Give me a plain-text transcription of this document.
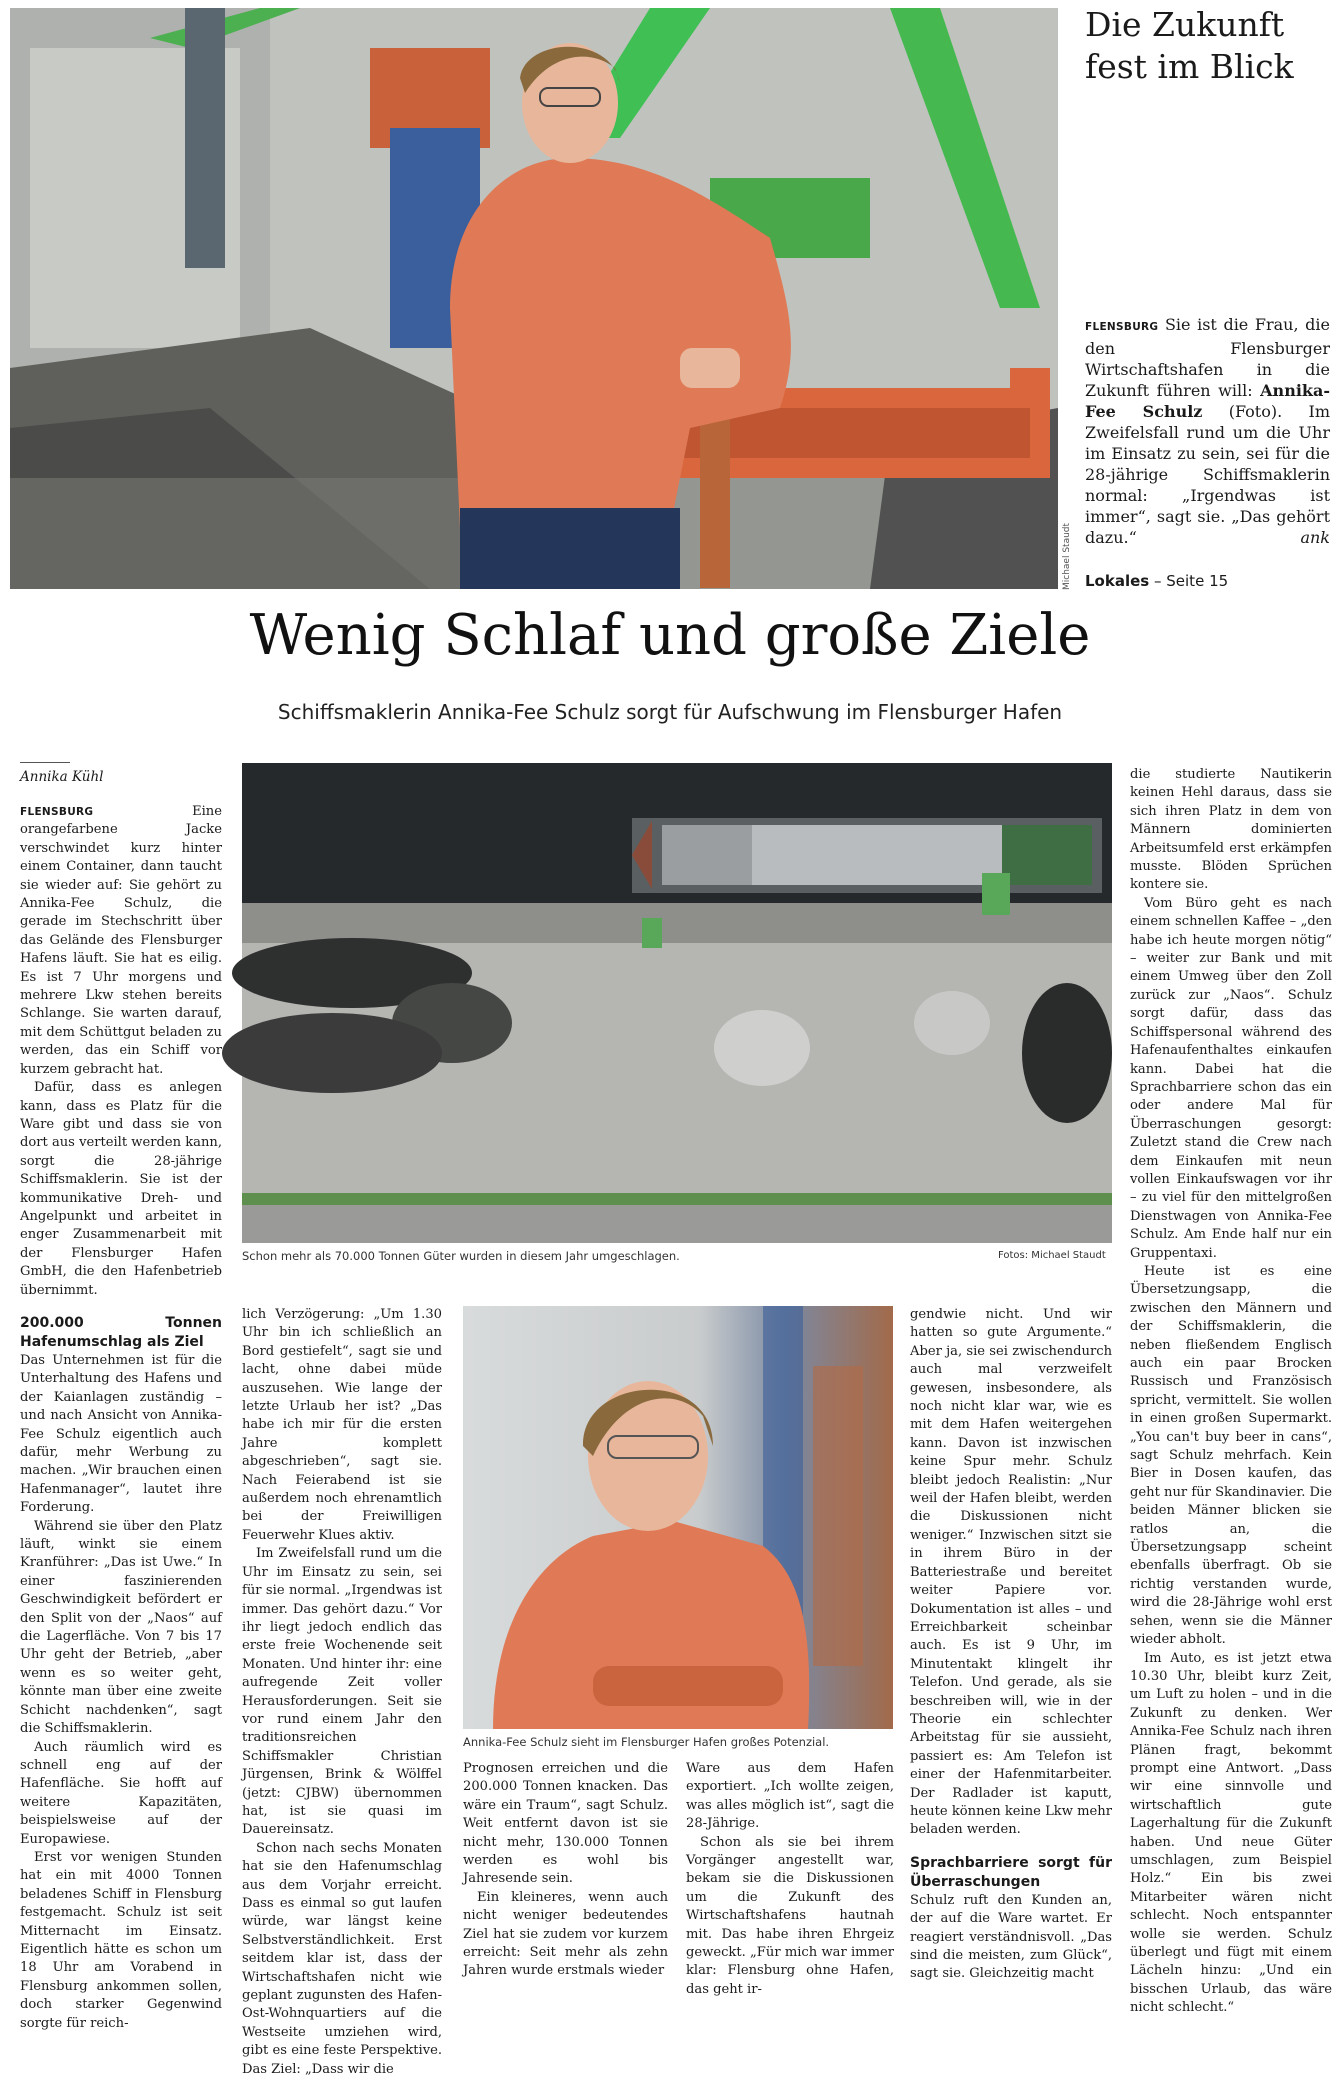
Michael Staudt
Die Zukunft
fest im Blick

FLENSBURG Sie ist die Frau, die den Flensburger Wirtschaftshafen in die Zukunft führen will: Annika-Fee Schulz (Foto). Im Zweifelsfall rund um die Uhr im Einsatz zu sein, sei für die 28-jährige Schiffsmaklerin normal: „Irgendwas ist immer“, sagt sie. „Das gehört dazu.“	ank

Lokales – Seite 15
Wenig Schlaf und große Ziele
Schiffsmaklerin Annika-Fee Schulz sorgt für Aufschwung im Flensburger Hafen
Annika Kühl
Schon mehr als 70.000 Tonnen Güter wurden in diesem Jahr umgeschlagen.	Fotos: Michael Staudt
Annika-Fee Schulz sieht im Flensburger Hafen großes Potenzial.

FLENSBURG	Eine orangefarbene Jacke verschwindet kurz hinter einem Container, dann taucht sie wieder auf: Sie gehört zu Annika-Fee Schulz, die gerade im Stechschritt über das Gelände des Flensburger Hafens läuft. Sie hat es eilig. Es ist 7 Uhr morgens und mehrere Lkw stehen bereits Schlange. Sie warten darauf, mit dem Schüttgut beladen zu werden, das ein Schiff vor kurzem gebracht hat.

Dafür, dass es anlegen kann, dass es Platz für die Ware gibt und dass sie von dort aus verteilt werden kann, sorgt die 28-jährige Schiffsmaklerin. Sie ist der kommunikative Dreh- und Angelpunkt und arbeitet in enger Zusammenarbeit mit der Flensburger Hafen GmbH, die den Hafenbetrieb übernimmt.

200.000 Tonnen Hafenumschlag als Ziel

Das Unternehmen ist für die Unterhaltung des Hafens und der Kaianlagen zuständig – und nach Ansicht von Annika-Fee Schulz eigentlich auch dafür, mehr Werbung zu machen. „Wir brauchen einen Hafenmanager“, lautet ihre Forderung.

Während sie über den Platz läuft, winkt sie einem Kranführer: „Das ist Uwe.“ In einer faszinierenden Geschwindigkeit befördert er den Split von der „Naos“ auf die Lagerfläche. Von 7 bis 17 Uhr geht der Betrieb, „aber wenn es so weiter geht, könnte man über eine zweite Schicht nachdenken“, sagt die Schiffsmaklerin.

Auch räumlich wird es schnell eng auf der Hafenfläche. Sie hofft auf weitere Kapazitäten, beispielsweise auf der Europawiese.

Erst vor wenigen Stunden hat ein mit 4000 Tonnen beladenes Schiff in Flensburg festgemacht. Schulz ist seit Mitternacht im Einsatz. Eigentlich hätte es schon um 18 Uhr am Vorabend in Flensburg ankommen sollen, doch starker Gegenwind sorgte für reich-

lich Verzögerung: „Um 1.30 Uhr bin ich schließlich an Bord gestiefelt“, sagt sie und lacht, ohne dabei müde auszusehen. Wie lange der letzte Urlaub her ist? „Das habe ich mir für die ersten Jahre komplett abgeschrieben“, sagt sie. Nach Feierabend ist sie außerdem noch ehrenamtlich bei der Freiwilligen Feuerwehr Klues aktiv.

Im Zweifelsfall rund um die Uhr im Einsatz zu sein, sei für sie normal. „Irgendwas ist immer. Das gehört dazu.“ Vor ihr liegt jedoch endlich das erste freie Wochenende seit Monaten. Und hinter ihr: eine aufregende Zeit voller Herausforderungen. Seit sie vor rund einem Jahr den traditionsreichen Schiffsmakler Christian Jürgensen, Brink & Wölffel (jetzt: CJBW) übernommen hat, ist sie quasi im Dauereinsatz.

Schon nach sechs Monaten hat sie den Hafenumschlag aus dem Vorjahr erreicht. Dass es einmal so gut laufen würde, war längst keine Selbstverständlichkeit. Erst seitdem klar ist, dass der Wirtschaftshafen nicht wie geplant zugunsten des Hafen-Ost-Wohnquartiers auf die Westseite umziehen wird, gibt es eine feste Perspektive. Das Ziel: „Dass wir die

Prognosen erreichen und die 200.000 Tonnen knacken. Das wäre ein Traum“, sagt Schulz. Weit entfernt davon ist sie nicht mehr, 130.000 Tonnen werden es wohl bis Jahresende sein.

Ein kleineres, wenn auch nicht weniger bedeutendes Ziel hat sie zudem vor kurzem erreicht: Seit mehr als zehn Jahren wurde erstmals wieder

Ware aus dem Hafen exportiert. „Ich wollte zeigen, was alles möglich ist“, sagt die 28-Jährige.

Schon als sie bei ihrem Vorgänger angestellt war, bekam sie die Diskussionen um die Zukunft des Wirtschaftshafens hautnah mit. Das habe ihren Ehrgeiz geweckt. „Für mich war immer klar: Flensburg ohne Hafen, das geht ir-

gendwie nicht. Und wir hatten so gute Argumente.“ Aber ja, sie sei zwischendurch auch mal verzweifelt gewesen, insbesondere, als noch nicht klar war, wie es mit dem Hafen weitergehen kann. Davon ist inzwischen keine Spur mehr. Schulz bleibt jedoch Realistin: „Nur weil der Hafen bleibt, werden die Diskussionen nicht weniger.“ Inzwischen sitzt sie in ihrem Büro in der Batteriestraße und bereitet weiter Papiere vor. Dokumentation ist alles – und Erreichbarkeit scheinbar auch. Es ist 9 Uhr, im Minutentakt klingelt ihr Telefon. Und gerade, als sie beschreiben will, wie in der Theorie ein schlechter Arbeitstag für sie aussieht, passiert es: Am Telefon ist einer der Hafenmitarbeiter. Der Radlader ist kaputt, heute können keine Lkw mehr beladen werden.

Sprachbarriere sorgt für Überraschungen

Schulz ruft den Kunden an, der auf die Ware wartet. Er reagiert verständnisvoll. „Das sind die meisten, zum Glück“, sagt sie. Gleichzeitig macht

die studierte Nautikerin keinen Hehl daraus, dass sie sich ihren Platz in dem von Männern dominierten Arbeitsumfeld erst erkämpfen musste. Blöden Sprüchen kontere sie.

Vom Büro geht es nach einem schnellen Kaffee – „den habe ich heute morgen nötig“ – weiter zur Bank und mit einem Umweg über den Zoll zurück zur „Naos“. Schulz sorgt dafür, dass das Schiffspersonal während des Hafenaufenthaltes einkaufen kann. Dabei hat die Sprachbarriere schon das ein oder andere Mal für Überraschungen gesorgt: Zuletzt stand die Crew nach dem Einkaufen mit neun vollen Einkaufswagen vor ihr – zu viel für den mittelgroßen Dienstwagen von Annika-Fee Schulz. Am Ende half nur ein Gruppentaxi.

Heute ist es eine Übersetzungsapp, die zwischen den Männern und der Schiffsmaklerin, die neben fließendem Englisch auch ein paar Brocken Russisch und Französisch spricht, vermittelt. Sie wollen in einen großen Supermarkt. „You can't buy beer in cans“, sagt Schulz mehrfach. Kein Bier in Dosen kaufen, das geht nur für Skandinavier. Die beiden Männer blicken sie ratlos an, die Übersetzungsapp scheint ebenfalls überfragt. Ob sie richtig verstanden wurde, wird die 28-Jährige wohl erst sehen, wenn sie die Männer wieder abholt.

Im Auto, es ist jetzt etwa 10.30 Uhr, bleibt kurz Zeit, um Luft zu holen – und in die Zukunft zu denken. Wer Annika-Fee Schulz nach ihren Plänen fragt, bekommt prompt eine Antwort. „Dass wir eine sinnvolle und wirtschaftlich gute Lagerhaltung für die Zukunft haben. Und neue Güter umschlagen, zum Beispiel Holz.“ Ein bis zwei Mitarbeiter wären nicht schlecht. Noch entspannter wolle sie werden. Schulz überlegt und fügt mit einem Lächeln hinzu: „Und ein bisschen Urlaub, das wäre nicht schlecht.“
